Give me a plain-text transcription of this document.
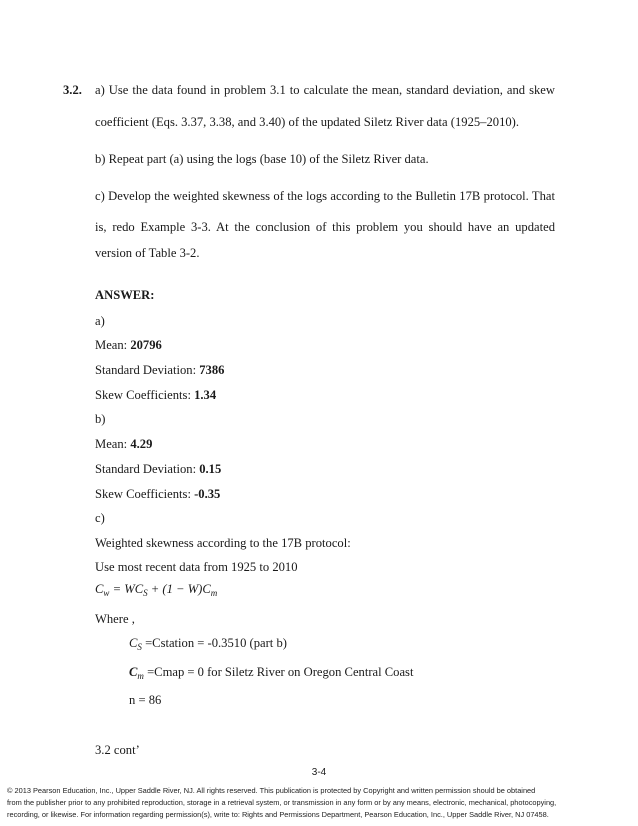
3.2. a) Use the data found in problem 3.1 to calculate the mean, standard deviation, and skew
coefficient (Eqs. 3.37, 3.38, and 3.40) of the updated Siletz River data (1925–2010).
b) Repeat part (a) using the logs (base 10) of the Siletz River data.
c) Develop the weighted skewness of the logs according to the Bulletin 17B protocol. That
is, redo Example 3-3. At the conclusion of this problem you should have an updated
version of Table 3-2.
ANSWER:
a)
Mean: 20796
Standard Deviation: 7386
Skew Coefficients: 1.34
b)
Mean: 4.29
Standard Deviation: 0.15
Skew Coefficients: -0.35
c)
Weighted skewness according to the 17B protocol:
Use most recent data from 1925 to 2010
$C_w = WC_S + (1 - W)C_m$
Where ,
$C_S$ =Cstation = -0.3510 (part b)
$C_m$ =Cmap = 0 for Siletz River on Oregon Central Coast
n = 86
3.2 cont’
3-4
© 2013 Pearson Education, Inc., Upper Saddle River, NJ. All rights reserved. This publication is protected by Copyright and written permission should be obtained
from the publisher prior to any prohibited reproduction, storage in a retrieval system, or transmission in any form or by any means, electronic, mechanical, photocopying,
recording, or likewise. For information regarding permission(s), write to: Rights and Permissions Department, Pearson Education, Inc., Upper Saddle River, NJ 07458.
